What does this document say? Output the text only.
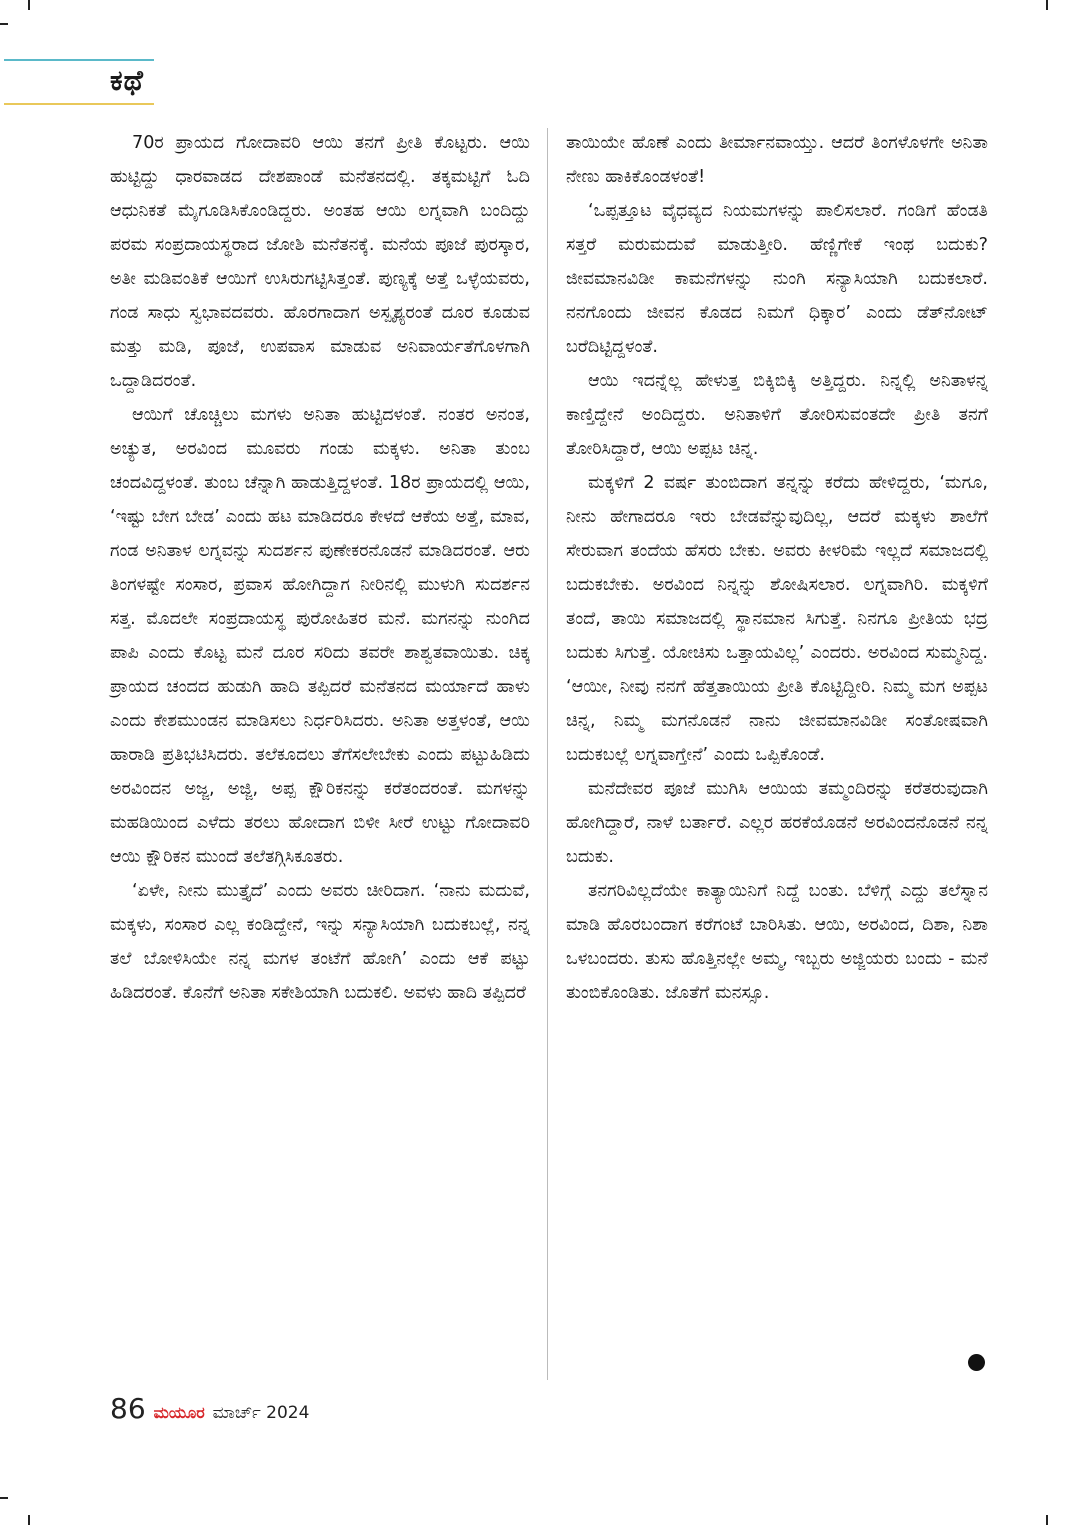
ಕಥೆ

70ರ ಪ್ರಾಯದ ಗೋದಾವರಿ ಆಯಿ ತನಗೆ ಪ್ರೀತಿ ಕೊಟ್ಟರು. ಆಯಿ ಹುಟ್ಟಿದ್ದು ಧಾರವಾಡದ ದೇಶಪಾಂಡೆ ಮನೆತನದಲ್ಲಿ. ತಕ್ಕಮಟ್ಟಿಗೆ ಓದಿ ಆಧುನಿಕತೆ ಮೈಗೂಡಿಸಿಕೊಂಡಿದ್ದರು. ಅಂತಹ ಆಯಿ ಲಗ್ನವಾಗಿ ಬಂದಿದ್ದು ಪರಮ ಸಂಪ್ರದಾಯಸ್ಥರಾದ ಜೋಶಿ ಮನೆತನಕ್ಕೆ. ಮನೆಯ ಪೂಜೆ ಪುರಸ್ಕಾರ, ಅತೀ ಮಡಿವಂತಿಕೆ ಆಯಿಗೆ ಉಸಿರುಗಟ್ಟಿಸಿತ್ತಂತೆ. ಪುಣ್ಯಕ್ಕೆ ಅತ್ತೆ ಒಳ್ಳೆಯವರು, ಗಂಡ ಸಾಧು ಸ್ವಭಾವದವರು. ಹೊರಗಾದಾಗ ಅಸ್ಪೃಶ್ಯರಂತೆ ದೂರ ಕೂಡುವ ಮತ್ತು ಮಡಿ, ಪೂಜೆ, ಉಪವಾಸ ಮಾಡುವ ಅನಿವಾರ್ಯತೆಗೊಳಗಾಗಿ ಒದ್ದಾಡಿದರಂತೆ.

ಆಯಿಗೆ ಚೊಚ್ಚಿಲು ಮಗಳು ಅನಿತಾ ಹುಟ್ಟಿದಳಂತೆ. ನಂತರ ಅನಂತ, ಅಚ್ಯುತ, ಅರವಿಂದ ಮೂವರು ಗಂಡು ಮಕ್ಕಳು. ಅನಿತಾ ತುಂಬ ಚಂದವಿದ್ದಳಂತೆ. ತುಂಬ ಚೆನ್ನಾಗಿ ಹಾಡುತ್ತಿದ್ದಳಂತೆ. 18ರ ಪ್ರಾಯದಲ್ಲಿ ಆಯಿ, ‘ಇಷ್ಟು ಬೇಗ ಬೇಡ’ ಎಂದು ಹಟ ಮಾಡಿದರೂ ಕೇಳದೆ ಆಕೆಯ ಅತ್ತೆ, ಮಾವ, ಗಂಡ ಅನಿತಾಳ ಲಗ್ನವನ್ನು ಸುದರ್ಶನ ಪುಣೇಕರನೊಡನೆ ಮಾಡಿದರಂತೆ. ಆರು ತಿಂಗಳಷ್ಟೇ ಸಂಸಾರ, ಪ್ರವಾಸ ಹೋಗಿದ್ದಾಗ ನೀರಿನಲ್ಲಿ ಮುಳುಗಿ ಸುದರ್ಶನ ಸತ್ತ. ಮೊದಲೇ ಸಂಪ್ರದಾಯಸ್ಥ ಪುರೋಹಿತರ ಮನೆ. ಮಗನನ್ನು ನುಂಗಿದ ಪಾಪಿ ಎಂದು ಕೊಟ್ಟ ಮನೆ ದೂರ ಸರಿದು ತವರೇ ಶಾಶ್ವತವಾಯಿತು. ಚಿಕ್ಕ ಪ್ರಾಯದ ಚಂದದ ಹುಡುಗಿ ಹಾದಿ ತಪ್ಪಿದರೆ ಮನೆತನದ ಮರ್ಯಾದೆ ಹಾಳು ಎಂದು ಕೇಶಮುಂಡನ ಮಾಡಿಸಲು ನಿರ್ಧರಿಸಿದರು. ಅನಿತಾ ಅತ್ತಳಂತೆ, ಆಯಿ ಹಾರಾಡಿ ಪ್ರತಿಭಟಿಸಿದರು. ತಲೆಕೂದಲು ತೆಗೆಸಲೇಬೇಕು ಎಂದು ಪಟ್ಟುಹಿಡಿದು ಅರವಿಂದನ ಅಜ್ಜ, ಅಜ್ಜಿ, ಅಪ್ಪ ಕ್ಷೌರಿಕನನ್ನು ಕರೆತಂದರಂತೆ. ಮಗಳನ್ನು ಮಹಡಿಯಿಂದ ಎಳೆದು ತರಲು ಹೋದಾಗ ಬಿಳೀ ಸೀರೆ ಉಟ್ಟು ಗೋದಾವರಿ ಆಯಿ ಕ್ಷೌರಿಕನ ಮುಂದೆ ತಲೆತಗ್ಗಿಸಿಕೂತರು.

‘ಏಳೇ, ನೀನು ಮುತ್ತೈದೆ’ ಎಂದು ಅವರು ಚೀರಿದಾಗ. ‘ನಾನು ಮದುವೆ, ಮಕ್ಕಳು, ಸಂಸಾರ ಎಲ್ಲ ಕಂಡಿದ್ದೇನೆ, ಇನ್ನು ಸನ್ಯಾಸಿಯಾಗಿ ಬದುಕಬಲ್ಲೆ, ನನ್ನ ತಲೆ ಬೋಳಿಸಿಯೇ ನನ್ನ ಮಗಳ ತಂಟೆಗೆ ಹೋಗಿ’ ಎಂದು ಆಕೆ ಪಟ್ಟು ಹಿಡಿದರಂತೆ. ಕೊನೆಗೆ ಅನಿತಾ ಸಕೇಶಿಯಾಗಿ ಬದುಕಲಿ. ಅವಳು ಹಾದಿ ತಪ್ಪಿದರೆ

ತಾಯಿಯೇ ಹೊಣೆ ಎಂದು ತೀರ್ಮಾನವಾಯ್ತು. ಆದರೆ ತಿಂಗಳೊಳಗೇ ಅನಿತಾ ನೇಣು ಹಾಕಿಕೊಂಡಳಂತೆ!

‘ಒಪ್ಪತ್ತೂಟ ವೈಧವ್ಯದ ನಿಯಮಗಳನ್ನು ಪಾಲಿಸಲಾರೆ. ಗಂಡಿಗೆ ಹೆಂಡತಿ ಸತ್ತರೆ ಮರುಮದುವೆ ಮಾಡುತ್ತೀರಿ. ಹೆಣ್ಣಿಗೇಕೆ ಇಂಥ ಬದುಕು? ಜೀವಮಾನವಿಡೀ ಕಾಮನೆಗಳನ್ನು ನುಂಗಿ ಸನ್ಯಾಸಿಯಾಗಿ ಬದುಕಲಾರೆ. ನನಗೊಂದು ಜೀವನ ಕೊಡದ ನಿಮಗೆ ಧಿಕ್ಕಾರ’ ಎಂದು ಡೆತ್‌ನೋಟ್ ಬರೆದಿಟ್ಟಿದ್ದಳಂತೆ.

ಆಯಿ ಇದನ್ನೆಲ್ಲ ಹೇಳುತ್ತ ಬಿಕ್ಕಿಬಿಕ್ಕಿ ಅತ್ತಿದ್ದರು. ನಿನ್ನಲ್ಲಿ ಅನಿತಾಳನ್ನ ಕಾಣ್ತಿದ್ದೇನೆ ಅಂದಿದ್ದರು. ಅನಿತಾಳಿಗೆ ತೋರಿಸುವಂತದೇ ಪ್ರೀತಿ ತನಗೆ ತೋರಿಸಿದ್ದಾರೆ, ಆಯಿ ಅಪ್ಪಟ ಚಿನ್ನ.

ಮಕ್ಕಳಿಗೆ 2 ವರ್ಷ ತುಂಬಿದಾಗ ತನ್ನನ್ನು ಕರೆದು ಹೇಳಿದ್ದರು, ‘ಮಗೂ, ನೀನು ಹೇಗಾದರೂ ಇರು ಬೇಡವೆನ್ನುವುದಿಲ್ಲ, ಆದರೆ ಮಕ್ಕಳು ಶಾಲೆಗೆ ಸೇರುವಾಗ ತಂದೆಯ ಹೆಸರು ಬೇಕು. ಅವರು ಕೀಳರಿಮೆ ಇಲ್ಲದೆ ಸಮಾಜದಲ್ಲಿ ಬದುಕಬೇಕು. ಅರವಿಂದ ನಿನ್ನನ್ನು ಶೋಷಿಸಲಾರ. ಲಗ್ನವಾಗಿರಿ. ಮಕ್ಕಳಿಗೆ ತಂದೆ, ತಾಯಿ ಸಮಾಜದಲ್ಲಿ ಸ್ಥಾನಮಾನ ಸಿಗುತ್ತೆ. ನಿನಗೂ ಪ್ರೀತಿಯ ಭದ್ರ ಬದುಕು ಸಿಗುತ್ತೆ. ಯೋಚಿಸು ಒತ್ತಾಯವಿಲ್ಲ’ ಎಂದರು. ಅರವಿಂದ ಸುಮ್ಮನಿದ್ದ. ‘ಆಯೀ, ನೀವು ನನಗೆ ಹೆತ್ತತಾಯಿಯ ಪ್ರೀತಿ ಕೊಟ್ಟಿದ್ದೀರಿ. ನಿಮ್ಮ ಮಗ ಅಪ್ಪಟ ಚಿನ್ನ, ನಿಮ್ಮ ಮಗನೊಡನೆ ನಾನು ಜೀವಮಾನವಿಡೀ ಸಂತೋಷವಾಗಿ ಬದುಕಬಲ್ಲೆ ಲಗ್ನವಾಗ್ತೇನೆ’ ಎಂದು ಒಪ್ಪಿಕೊಂಡೆ.

ಮನೆದೇವರ ಪೂಜೆ ಮುಗಿಸಿ ಆಯಿಯ ತಮ್ಮಂದಿರನ್ನು ಕರೆತರುವುದಾಗಿ ಹೋಗಿದ್ದಾರೆ, ನಾಳೆ ಬರ್ತಾರೆ. ಎಲ್ಲರ ಹರಕೆಯೊಡನೆ ಅರವಿಂದನೊಡನೆ ನನ್ನ ಬದುಕು.

ತನಗರಿವಿಲ್ಲದೆಯೇ ಕಾತ್ಯಾಯಿನಿಗೆ ನಿದ್ದೆ ಬಂತು. ಬೆಳಿಗ್ಗೆ ಎದ್ದು ತಲೆಸ್ನಾನ ಮಾಡಿ ಹೊರಬಂದಾಗ ಕರೆಗಂಟೆ ಬಾರಿಸಿತು. ಆಯಿ, ಅರವಿಂದ, ದಿಶಾ, ನಿಶಾ ಒಳಬಂದರು. ತುಸು ಹೊತ್ತಿನಲ್ಲೇ ಅಮ್ಮ, ಇಬ್ಬರು ಅಜ್ಜಿಯರು ಬಂದು - ಮನೆ ತುಂಬಿಕೊಂಡಿತು. ಜೊತೆಗೆ ಮನಸ್ಸೂ.

86 ಮಯೂರ ಮಾರ್ಚ್ 2024
